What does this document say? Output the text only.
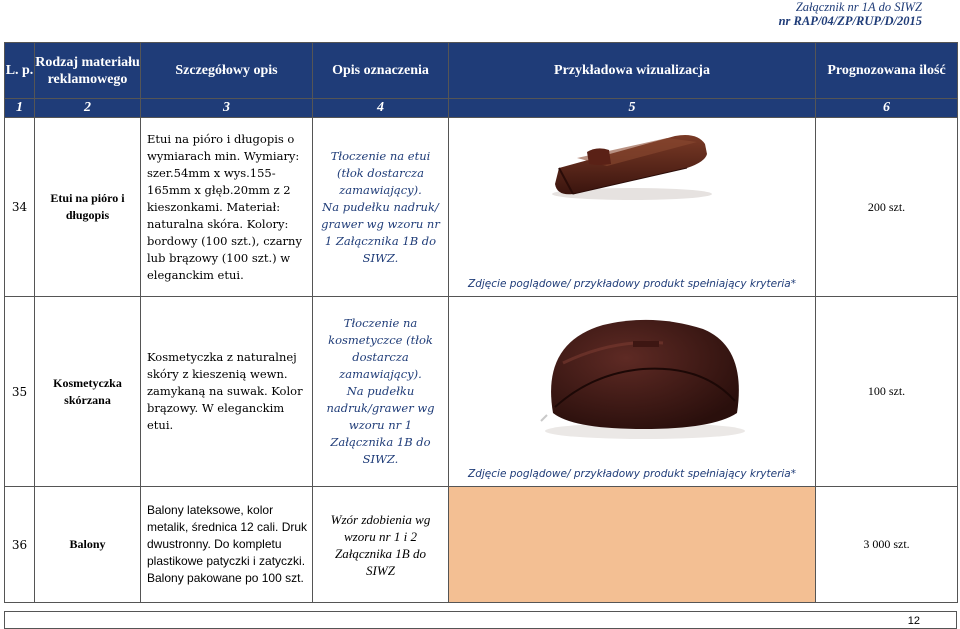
Załącznik nr 1A do SIWZ
nr RAP/04/ZP/RUP/D/2015
L. p.	Rodzaj materiału reklamowego	Szczegółowy opis	Opis oznaczenia	Przykładowa wizualizacja	Prognozowana ilość
1	2	3	4	5	6
34	Etui na pióro i długopis	Etui na pióro i długopis o wymiarach min. Wymiary: szer.54mm x wys.155-165mm x głęb.20mm z 2 kieszonkami. Materiał: naturalna skóra. Kolory: bordowy (100 szt.), czarny lub brązowy (100 szt.) w eleganckim etui.	Tłoczenie na etui (tłok dostarcza zamawiający).
Na pudełku nadruk/ grawer wg wzoru nr 1 Załącznika 1B do SIWZ.	Zdjęcie poglądowe/ przykładowy produkt spełniający kryteria*	200 szt.
35	Kosmetyczka skórzana	Kosmetyczka z naturalnej skóry z kieszenią wewn. zamykaną na suwak. Kolor brązowy. W eleganckim etui.	Tłoczenie na kosmetyczce (tłok dostarcza zamawiający).
Na pudełku nadruk/grawer wg wzoru nr 1 Załącznika 1B do SIWZ.	Zdjęcie poglądowe/ przykładowy produkt spełniający kryteria*	100 szt.
36	Balony	Balony lateksowe, kolor metalik, średnica 12 cali. Druk dwustronny. Do kompletu plastikowe patyczki i zatyczki. Balony pakowane po 100 szt.	Wzór zdobienia wg wzoru nr 1 i 2 Załącznika 1B do SIWZ		3 000 szt.
12
